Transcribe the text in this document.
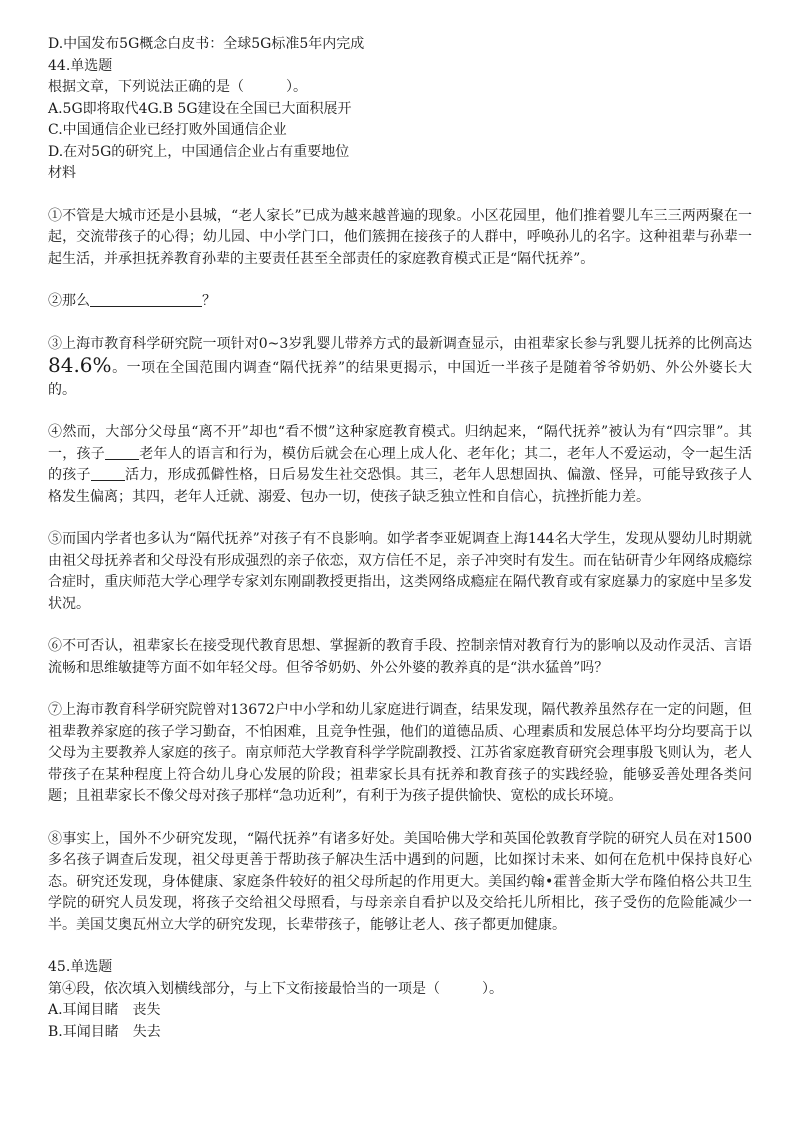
D.中国发布5G概念白皮书：全球5G标准5年内完成
44.单选题
根据文章，下列说法正确的是（　　　）。
A.5G即将取代4G.B 5G建设在全国已大面积展开
C.中国通信企业已经打败外国通信企业
D.在对5G的研究上，中国通信企业占有重要地位
材料

①不管是大城市还是小县城，“老人家长”已成为越来越普遍的现象。小区花园里，他们推着婴儿车三三两两聚在一起，交流带孩子的心得；幼儿园、中小学门口，他们簇拥在接孩子的人群中，呼唤孙儿的名字。这种祖辈与孙辈一起生活，并承担抚养教育孙辈的主要责任甚至全部责任的家庭教育模式正是“隔代抚养”。

②那么	？

③上海市教育科学研究院一项针对0~3岁乳婴儿带养方式的最新调查显示，由祖辈家长参与乳婴儿抚养的比例高达84.6%。一项在全国范围内调查“隔代抚养”的结果更揭示，中国近一半孩子是随着爷爷奶奶、外公外婆长大的。

④然而，大部分父母虽“离不开”却也“看不惯”这种家庭教育模式。归纳起来，“隔代抚养”被认为有“四宗罪”。其一，孩子 老年人的语言和行为，模仿后就会在心理上成人化、老年化；其二，老年人不爱运动，令一起生活的孩子 活力，形成孤僻性格，日后易发生社交恐惧。其三，老年人思想固执、偏激、怪异，可能导致孩子人格发生偏离；其四，老年人迁就、溺爱、包办一切，使孩子缺乏独立性和自信心，抗挫折能力差。

⑤而国内学者也多认为“隔代抚养”对孩子有不良影响。如学者李亚妮调查上海144名大学生，发现从婴幼儿时期就由祖父母抚养者和父母没有形成强烈的亲子依恋，双方信任不足，亲子冲突时有发生。而在钻研青少年网络成瘾综合症时，重庆师范大学心理学专家刘东刚副教授更指出，这类网络成瘾症在隔代教育或有家庭暴力的家庭中呈多发状况。

⑥不可否认，祖辈家长在接受现代教育思想、掌握新的教育手段、控制亲情对教育行为的影响以及动作灵活、言语流畅和思维敏捷等方面不如年轻父母。但爷爷奶奶、外公外婆的教养真的是“洪水猛兽”吗？

⑦上海市教育科学研究院曾对13672户中小学和幼儿家庭进行调查，结果发现，隔代教养虽然存在一定的问题，但祖辈教养家庭的孩子学习勤奋，不怕困难，且竞争性强，他们的道德品质、心理素质和发展总体平均分均要高于以父母为主要教养人家庭的孩子。南京师范大学教育科学学院副教授、江苏省家庭教育研究会理事殷飞则认为，老人带孩子在某种程度上符合幼儿身心发展的阶段；祖辈家长具有抚养和教育孩子的实践经验，能够妥善处理各类问题；且祖辈家长不像父母对孩子那样“急功近利”，有利于为孩子提供愉快、宽松的成长环境。

⑧事实上，国外不少研究发现，“隔代抚养”有诸多好处。美国哈佛大学和英国伦敦教育学院的研究人员在对1500多名孩子调查后发现，祖父母更善于帮助孩子解决生活中遇到的问题，比如探讨未来、如何在危机中保持良好心态。研究还发现，身体健康、家庭条件较好的祖父母所起的作用更大。美国约翰•霍普金斯大学布隆伯格公共卫生学院的研究人员发现，将孩子交给祖父母照看，与母亲亲自看护以及交给托儿所相比，孩子受伤的危险能减少一半。美国艾奥瓦州立大学的研究发现，长辈带孩子，能够让老人、孩子都更加健康。

45.单选题
第④段，依次填入划横线部分，与上下文衔接最恰当的一项是（　　　）。
A.耳闻目睹　丧失
B.耳闻目睹　失去
